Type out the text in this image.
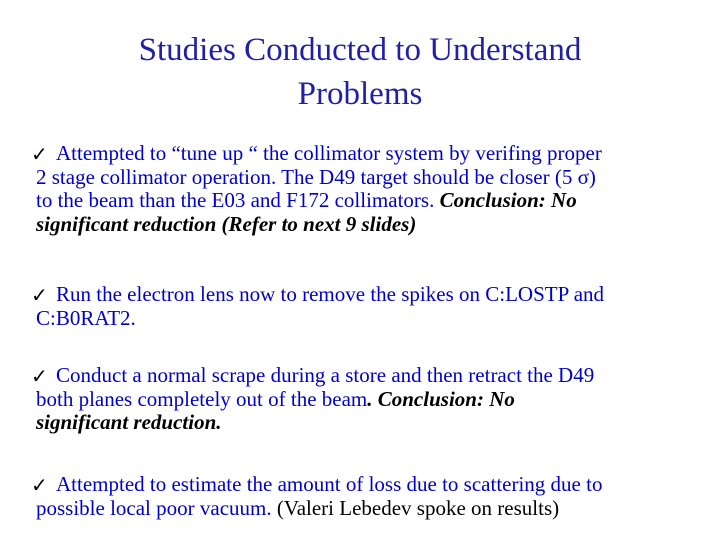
Studies Conducted to Understand
Problems
✓ Attempted to “tune up “ the collimator system by verifing proper
2 stage collimator operation. The D49 target should be closer (5 σ)
to the beam than the E03 and F172 collimators. Conclusion: No
significant reduction (Refer to next 9 slides)
✓ Run the electron lens now to remove the spikes on C:LOSTP and
C:B0RAT2.
✓ Conduct a normal scrape during a store and then retract the D49
both planes completely out of the beam. Conclusion: No
significant reduction.
✓ Attempted to estimate the amount of loss due to scattering due to
possible local poor vacuum. (Valeri Lebedev spoke on results)
